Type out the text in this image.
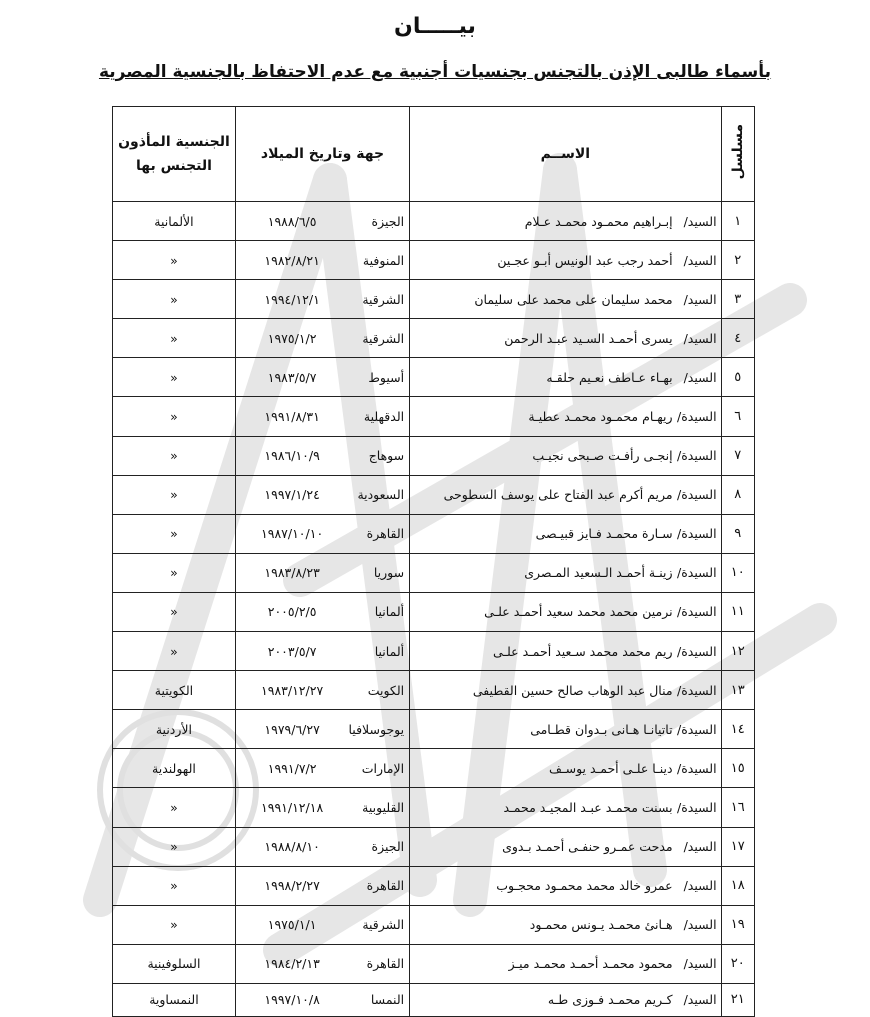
بيـــــان
بأسماء طالبى الإذن بالتجنس بجنسيات أجنبية مع عدم الاحتفاظ بالجنسية المصرية
مسلسل	الاســم	جهة وتاريخ الميلاد	الجنسية المأذون
التجنس بها

١	السيد/إبـراهيم محمـود محمـد عـلام	الجيزة١٩٨٨/٦/٥	الألمانية
٢	السيد/أحمد رجب عبد الونيس أبـو عجـين	المنوفية١٩٨٢/٨/٢١	«
٣	السيد/محمد سليمان على محمد على سليمان	الشرقية١٩٩٤/١٢/١	«
٤	السيد/يسرى أحمـد السـيد عبـد الرحمن	الشرقية١٩٧٥/١/٢	«
٥	السيد/بهـاء عـاطف نعـيم حلقـه	أسيوط١٩٨٣/٥/٧	«
٦	السيدة/ريهـام محمـود محمـد عطيـة	الدقهلية١٩٩١/٨/٣١	«
٧	السيدة/إنجـى رأفـت صـبحى نجيـب	سوهاج١٩٨٦/١٠/٩	«
٨	السيدة/مريم أكرم عبد الفتاح على يوسف السطوحى	السعودية١٩٩٧/١/٢٤	«
٩	السيدة/سـارة محمـد فـايز قبيـصى	القاهرة١٩٨٧/١٠/١٠	«
١٠	السيدة/زينـة أحمـد الـسعيد المـصرى	سوريا١٩٨٣/٨/٢٣	«
١١	السيدة/نرمين محمد محمد سعيد أحمـد علـى	ألمانيا٢٠٠٥/٢/٥	«
١٢	السيدة/ريم محمد محمد سـعيد أحمـد علـى	ألمانيا٢٠٠٣/٥/٧	«
١٣	السيدة/منال عبد الوهاب صالح حسين القطيفى	الكويت١٩٨٣/١٢/٢٧	الكويتية
١٤	السيدة/تاتيانـا هـانى بـدوان قطـامى	يوجوسلافيا١٩٧٩/٦/٢٧	الأردنية
١٥	السيدة/دينـا علـى أحمـد يوسـف	الإمارات١٩٩١/٧/٢	الهولندية
١٦	السيدة/بسنت محمـد عبـد المجيـد محمـد	القليوبية١٩٩١/١٢/١٨	«
١٧	السيد/مدحت عمـرو حنفـى أحمـد بـدوى	الجيزة١٩٨٨/٨/١٠	«
١٨	السيد/عمرو خالد محمد محمـود محجـوب	القاهرة١٩٩٨/٢/٢٧	«
١٩	السيد/هـانئ محمـد يـونس محمـود	الشرقية١٩٧٥/١/١	«
٢٠	السيد/محمود محمـد أحمـد محمـد ميـز	القاهرة١٩٨٤/٢/١٣	السلوفينية
٢١	السيد/كـريم محمـد فـوزى طـه	النمسا١٩٩٧/١٠/٨	النمساوية
